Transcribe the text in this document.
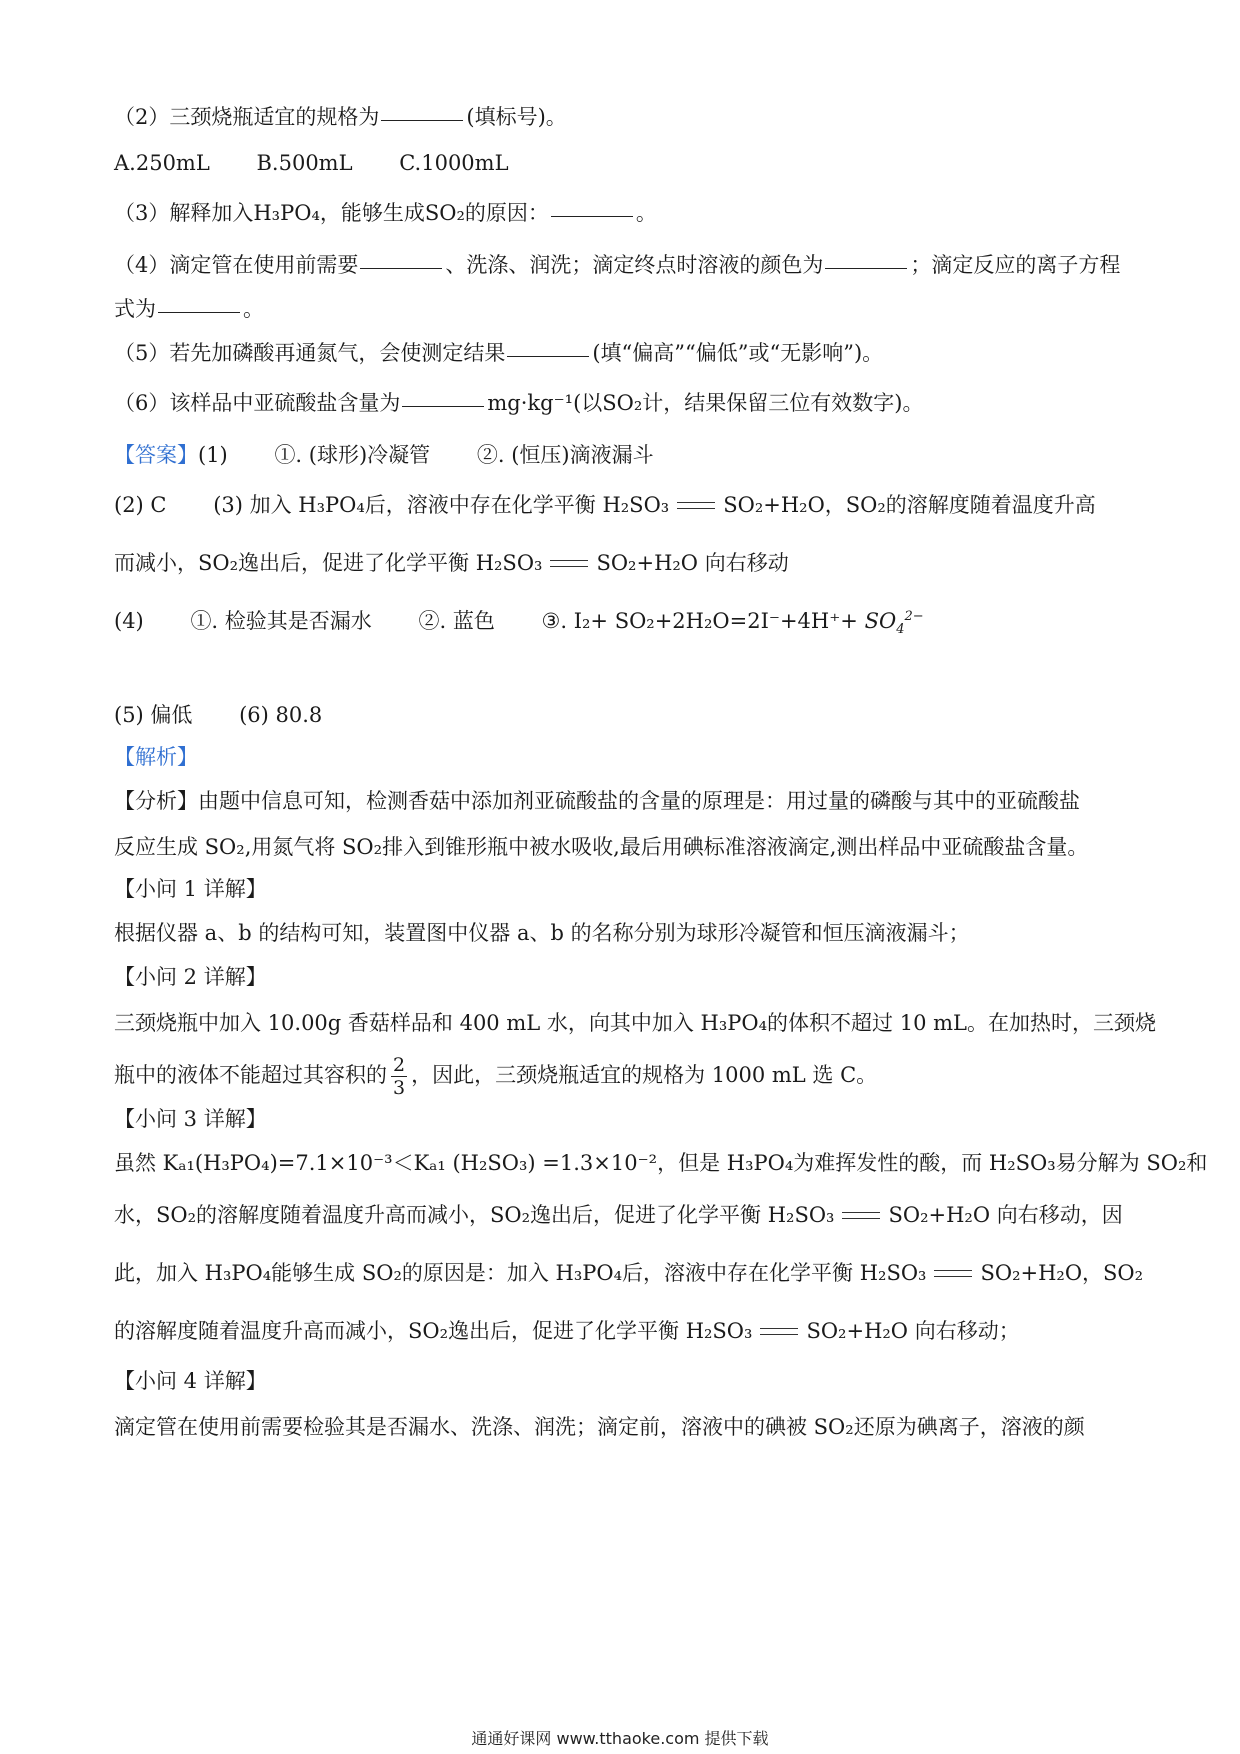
（2）三颈烧瓶适宜的规格为	(填标号)。
A.250mL B.500mL C.1000mL
（3）解释加入H₃PO₄，能够生成SO₂的原因：	。
（4）滴定管在使用前需要	、洗涤、润洗；滴定终点时溶液的颜色为	；滴定反应的离子方程
式为	。
（5）若先加磷酸再通氮气，会使测定结果	(填“偏高”“偏低”或“无影响”)。
（6）该样品中亚硫酸盐含量为	mg·kg⁻¹(以SO₂计，结果保留三位有效数字)。
【答案】(1) ①. (球形)冷凝管 ②. (恒压)滴液漏斗
(2) C (3) 加入 H₃PO₄后，溶液中存在化学平衡 H₂SO₃	SO₂+H₂O，SO₂的溶解度随着温度升高
而减小，SO₂逸出后，促进了化学平衡 H₂SO₃	SO₂+H₂O 向右移动
(4) ①. 检验其是否漏水 ②. 蓝色 ③. $I_2+ SO_2+2H_2O=2I^-+4H^++ SO_4^{2-}$
(5) 偏低 (6) 80.8
【解析】
【分析】由题中信息可知，检测香菇中添加剂亚硫酸盐的含量的原理是：用过量的磷酸与其中的亚硫酸盐
反应生成 SO₂,用氮气将 SO₂排入到锥形瓶中被水吸收,最后用碘标准溶液滴定,测出样品中亚硫酸盐含量。
【小问 1 详解】
根据仪器 a、b 的结构可知，装置图中仪器 a、b 的名称分别为球形冷凝管和恒压滴液漏斗；
【小问 2 详解】
三颈烧瓶中加入 10.00g 香菇样品和 400 mL 水，向其中加入 H₃PO₄的体积不超过 10 mL。在加热时，三颈烧
瓶中的液体不能超过其容积的 $\frac{2}{3}$ ，因此，三颈烧瓶适宜的规格为 1000 mL 选 C。
【小问 3 详解】
虽然 Kₐ₁(H₃PO₄)=7.1×10⁻³＜Kₐ₁ (H₂SO₃) =1.3×10⁻²，但是 H₃PO₄为难挥发性的酸，而 H₂SO₃易分解为 SO₂和
水，SO₂的溶解度随着温度升高而减小，SO₂逸出后，促进了化学平衡 H₂SO₃	SO₂+H₂O 向右移动，因
此，加入 H₃PO₄能够生成 SO₂的原因是：加入 H₃PO₄后，溶液中存在化学平衡 H₂SO₃	SO₂+H₂O，SO₂
的溶解度随着温度升高而减小，SO₂逸出后，促进了化学平衡 H₂SO₃	SO₂+H₂O 向右移动；
【小问 4 详解】
滴定管在使用前需要检验其是否漏水、洗涤、润洗；滴定前，溶液中的碘被 SO₂还原为碘离子，溶液的颜
通通好课网 www.tthaoke.com 提供下载
